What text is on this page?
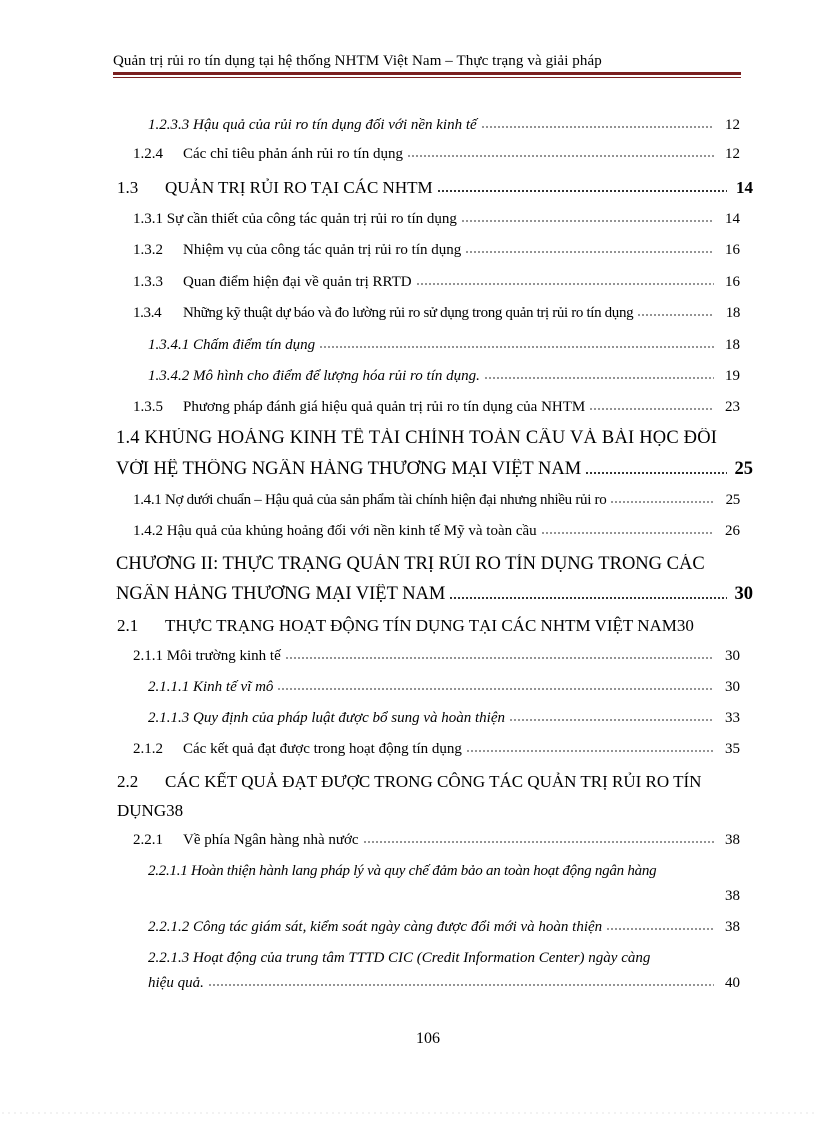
Quản trị rủi ro tín dụng tại hệ thống NHTM Việt Nam – Thực trạng và giải pháp
1.2.3.3 Hậu quả của rủi ro tín dụng đối với nền kinh tế	12
1.2.4	Các chỉ tiêu phản ánh rủi ro tín dụng	12
1.3	QUẢN TRỊ RỦI RO TẠI CÁC NHTM	14
1.3.1 Sự cần thiết của công tác quản trị rủi ro tín dụng	14
1.3.2	Nhiệm vụ của công tác quản trị rủi ro tín dụng	16
1.3.3	Quan điểm hiện đại về quản trị RRTD	16
1.3.4	Những kỹ thuật dự báo và đo lường rủi ro sử dụng trong quản trị rủi ro tín dụng	18
1.3.4.1 Chấm điểm tín dụng	18
1.3.4.2 Mô hình cho điểm để lượng hóa rủi ro tín dụng.	19
1.3.5	Phương pháp đánh giá hiệu quả quản trị rủi ro tín dụng của NHTM	23
1.4 KHỦNG HOẢNG KINH TẾ TÀI CHÍNH TOÀN CẦU VÀ BÀI HỌC ĐỐI
VỚI HỆ THỐNG NGÂN HÀNG THƯƠNG MẠI VIỆT NAM	25
1.4.1 Nợ dưới chuẩn – Hậu quả của sản phẩm tài chính hiện đại nhưng nhiều rủi ro	25
1.4.2 Hậu quả của khủng hoảng đối với nền kinh tế Mỹ và toàn cầu	26
CHƯƠNG II: THỰC TRẠNG QUẢN TRỊ RỦI RO TÍN DỤNG TRONG CÁC
NGÂN HÀNG THƯƠNG MẠI VIỆT NAM	30
2.1	THỰC TRẠNG HOẠT ĐỘNG TÍN DỤNG TẠI CÁC NHTM VIỆT NAM30
2.1.1 Môi trường kinh tế	30
2.1.1.1 Kinh tế vĩ mô	30
2.1.1.3 Quy định của pháp luật được bổ sung và hoàn thiện	33
2.1.2	Các kết quả đạt được trong hoạt động tín dụng	35
2.2	CÁC KẾT QUẢ ĐẠT ĐƯỢC TRONG CÔNG TÁC QUẢN TRỊ RỦI RO TÍN
DỤNG38
2.2.1	Về phía Ngân hàng nhà nước	38
2.2.1.1 Hoàn thiện hành lang pháp lý và quy chế đảm bảo an toàn hoạt động ngân hàng
38
2.2.1.2 Công tác giám sát, kiểm soát ngày càng được đổi mới và hoàn thiện	38
2.2.1.3 Hoạt động của trung tâm TTTD CIC (Credit Information Center) ngày càng
hiệu quả.	40
106
